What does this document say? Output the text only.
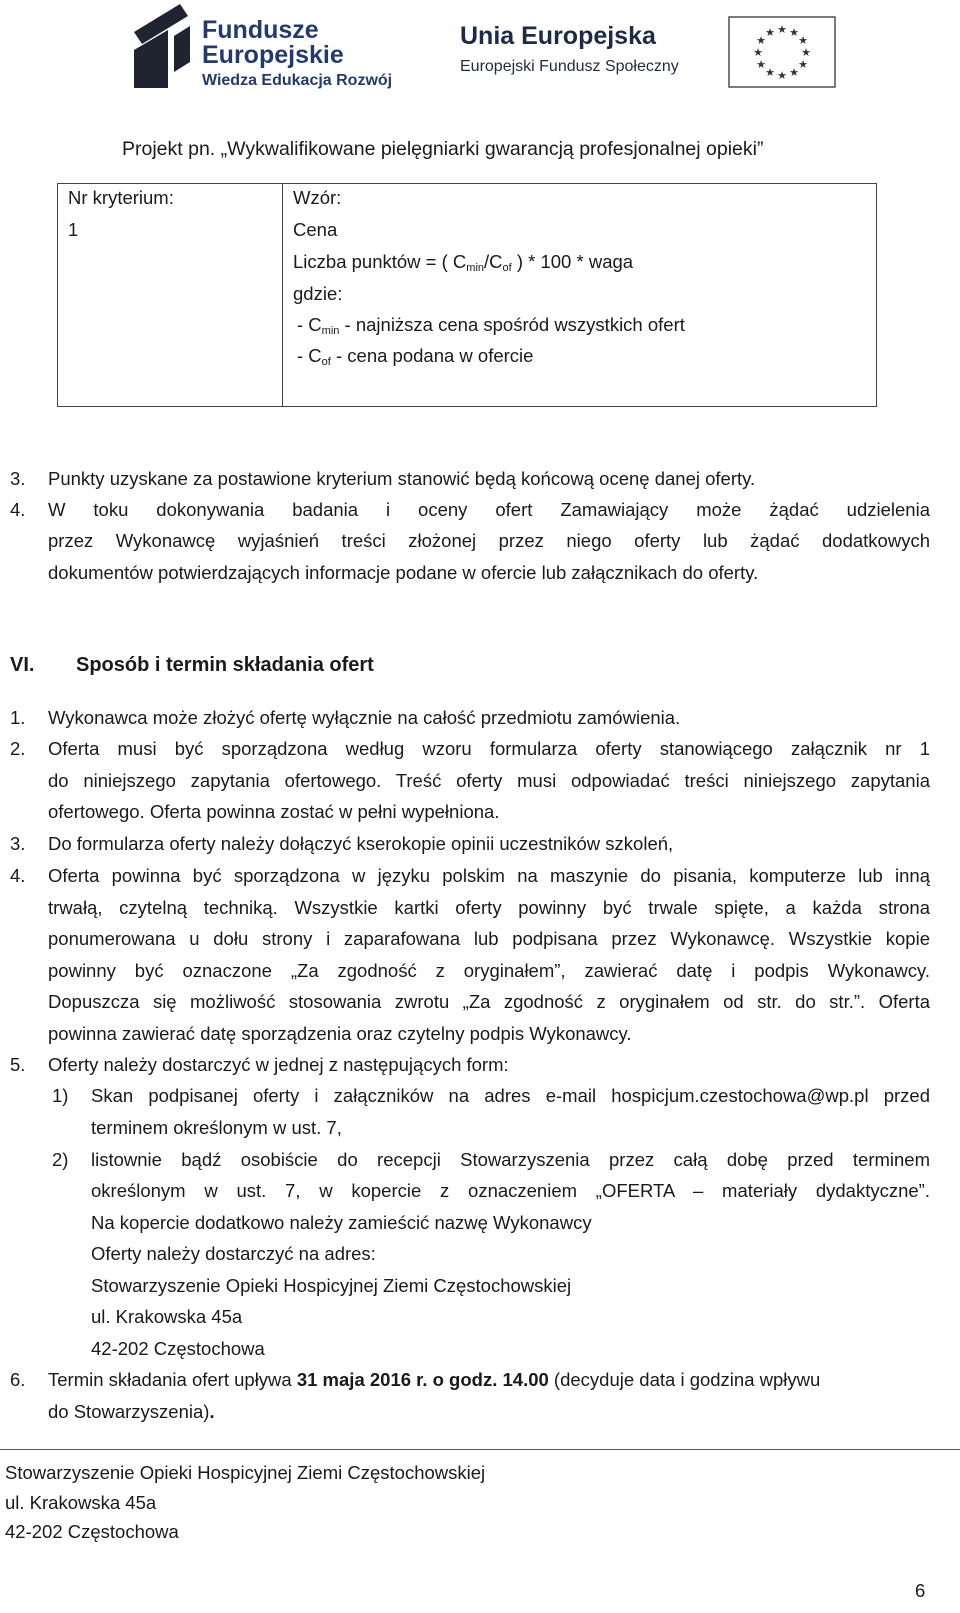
Fundusze
Europejskie
Wiedza Edukacja Rozwój
Unia Europejska
Europejski Fundusz Społeczny
★ ★
★
★
★
★
★
★
★
★
★
★
Projekt pn. „Wykwalifikowane pielęgniarki gwarancją profesjonalnej opieki”

Nr kryterium:	Wzór:
1	Cena
Liczba punktów = ( $C_{min}/C_{of}$ ) * 100 * waga
gdzie:
- $C_{min}$ - najniższa cena spośród wszystkich ofert
- $C_{of}$ - cena podana w ofercie
3. Punkty uzyskane za postawione kryterium stanowić będą końcową ocenę danej oferty.
4. W toku dokonywania badania i oceny ofert Zamawiający może żądać udzielenia
przez Wykonawcę wyjaśnień treści złożonej przez niego oferty lub żądać dodatkowych
dokumentów potwierdzających informacje podane w ofercie lub załącznikach do oferty.
VI. Sposób i termin składania ofert
1. Wykonawca może złożyć ofertę wyłącznie na całość przedmiotu zamówienia.
2. Oferta musi być sporządzona według wzoru formularza oferty stanowiącego załącznik nr 1
do niniejszego zapytania ofertowego. Treść oferty musi odpowiadać treści niniejszego zapytania
ofertowego. Oferta powinna zostać w pełni wypełniona.
3. Do formularza oferty należy dołączyć kserokopie opinii uczestników szkoleń,
4. Oferta powinna być sporządzona w języku polskim na maszynie do pisania, komputerze lub inną
trwałą, czytelną techniką. Wszystkie kartki oferty powinny być trwale spięte, a każda strona
ponumerowana u dołu strony i zaparafowana lub podpisana przez Wykonawcę. Wszystkie kopie
powinny być oznaczone „Za zgodność z oryginałem”, zawierać datę i podpis Wykonawcy.
Dopuszcza się możliwość stosowania zwrotu „Za zgodność z oryginałem od str. do str.”. Oferta
powinna zawierać datę sporządzenia oraz czytelny podpis Wykonawcy.
5. Oferty należy dostarczyć w jednej z następujących form:
1) Skan podpisanej oferty i załączników na adres e-mail hospicjum.czestochowa@wp.pl przed
terminem określonym w ust. 7,
2) listownie bądź osobiście do recepcji Stowarzyszenia przez całą dobę przed terminem
określonym w ust. 7, w kopercie z oznaczeniem „OFERTA – materiały dydaktyczne”.
Na kopercie dodatkowo należy zamieścić nazwę Wykonawcy
Oferty należy dostarczyć na adres:
Stowarzyszenie Opieki Hospicyjnej Ziemi Częstochowskiej
ul. Krakowska 45a
42-202 Częstochowa
6. Termin składania ofert upływa 31 maja 2016 r. o godz. 14.00 (decyduje data i godzina wpływu
do Stowarzyszenia).
Stowarzyszenie Opieki Hospicyjnej Ziemi Częstochowskiej
ul. Krakowska 45a
42-202 Częstochowa
6
